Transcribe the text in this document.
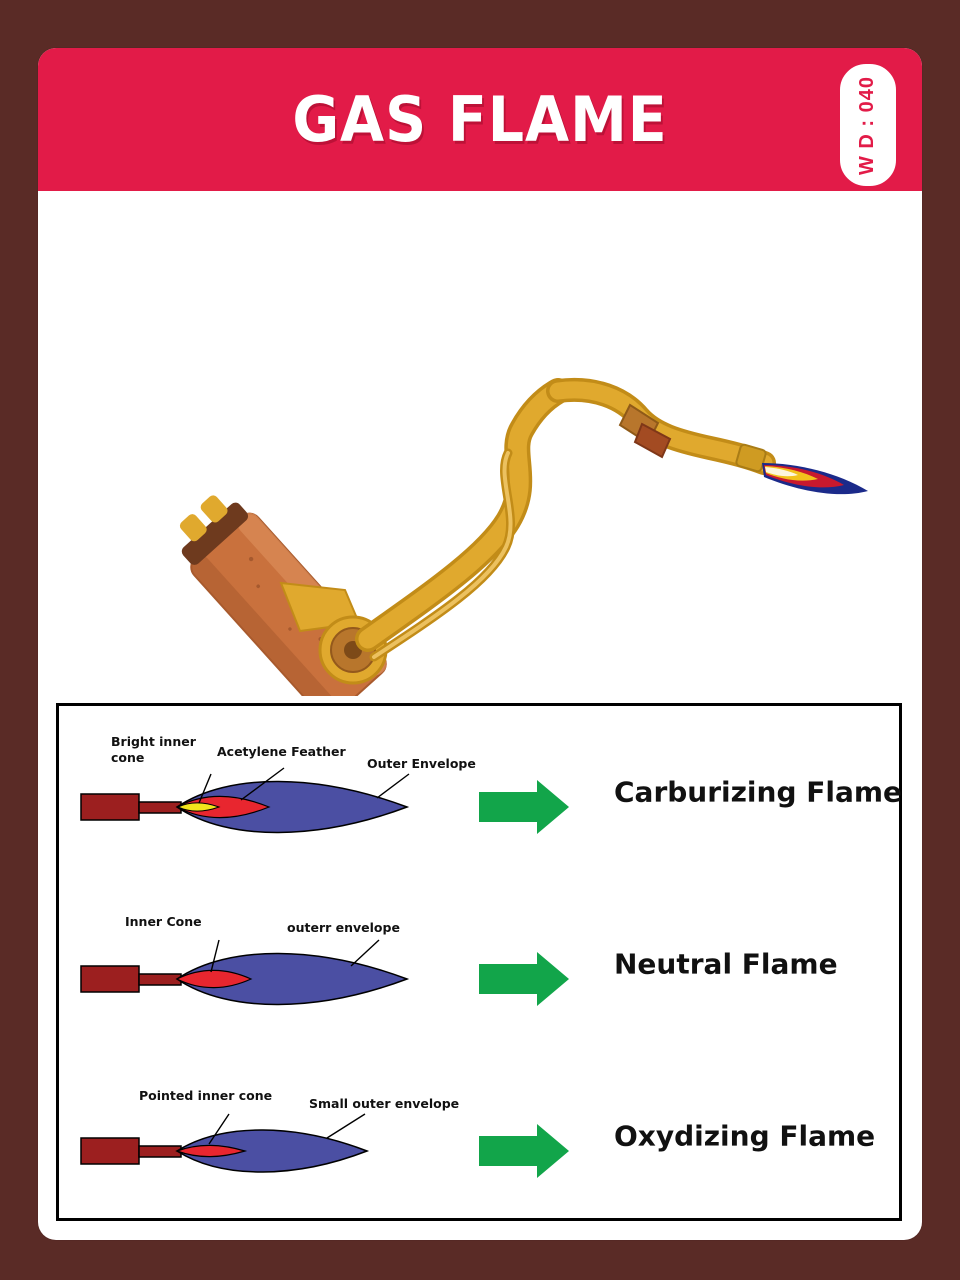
GAS FLAME	W D : 040
Bright inner
cone	Acetylene Feather
Outer Envelope
Carburizing Flame
Inner Cone	outerr envelope
Neutral Flame
Pointed inner cone
Small outer envelope
Oxydizing Flame
